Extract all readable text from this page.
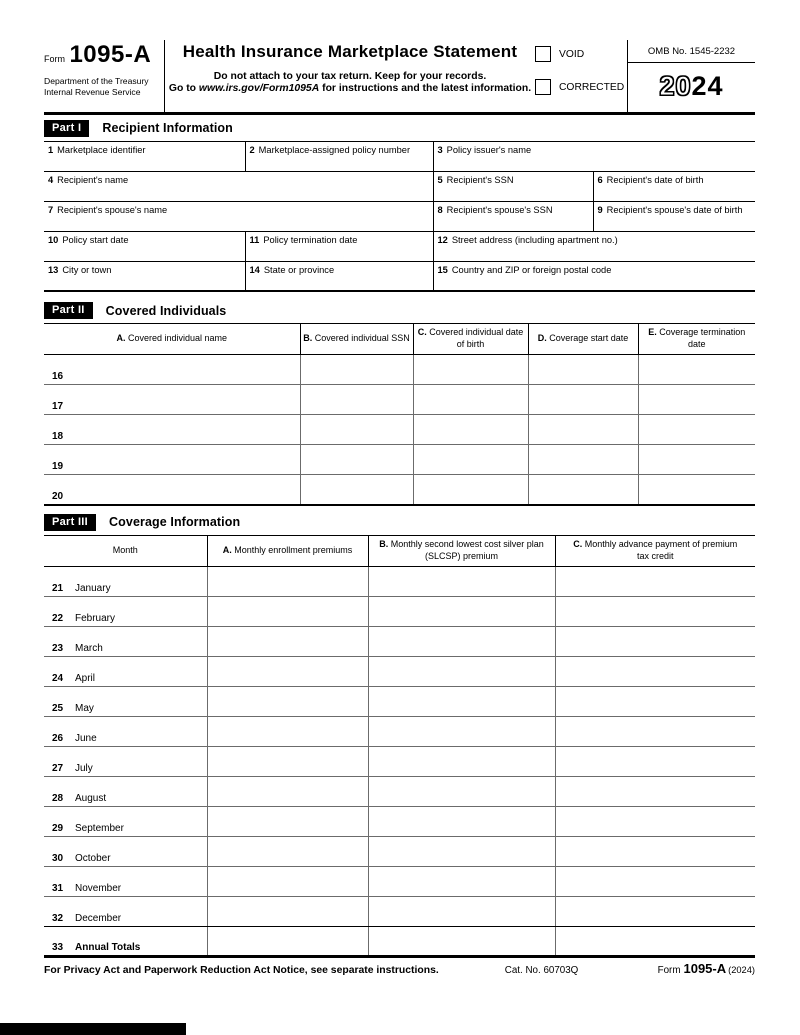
Form 1095-A
Department of the Treasury
Internal Revenue Service
Health Insurance Marketplace Statement
Do not attach to your tax return. Keep for your records.
Go to www.irs.gov/Form1095A for instructions and the latest information.
VOID
CORRECTED
OMB No. 1545-2232
20 24
Part I	Recipient Information
1 Marketplace identifier	2 Marketplace-assigned policy number	3 Policy issuer's name	
4 Recipient's name		5 Recipient's SSN	6 Recipient's date of birth
7 Recipient's spouse's name		8 Recipient's spouse's SSN	9 Recipient's spouse's date of birth
10 Policy start date	11 Policy termination date	12 Street address (including apartment no.)	
13 City or town	14 State or province	15 Country and ZIP or foreign postal code	
Part II	Covered Individuals
A. Covered individual name	B. Covered individual SSN	C. Covered individual date of birth	D. Coverage start date	E. Coverage termination date
16				
17				
18				
19				
20				
Part III	Coverage Information
Month	A. Monthly enrollment premiums	B. Monthly second lowest cost silver plan (SLCSP) premium	C. Monthly advance payment of premium tax credit
21 January			
22 February			
23 March			
24 April			
25 May			
26 June			
27 July			
28 August			
29 September			
30 October			
31 November			
32 December			
33 Annual Totals			
For Privacy Act and Paperwork Reduction Act Notice, see separate instructions.	Cat. No. 60703Q	Form 1095-A (2024)
